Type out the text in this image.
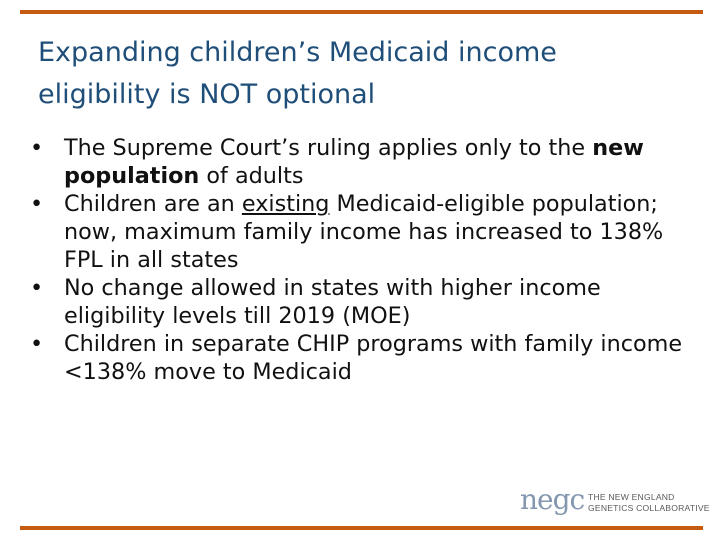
Expanding children’s Medicaid income eligibility is NOT optional
• The Supreme Court’s ruling applies only to the new population of adults
• Children are an existing Medicaid-eligible population; now, maximum family income has increased to 138% FPL in all states
• No change allowed in states with higher income eligibility levels till 2019 (MOE)
• Children in separate CHIP programs with family income <138% move to Medicaid
negc THE NEW ENGLAND
GENETICS COLLABORATIVE
